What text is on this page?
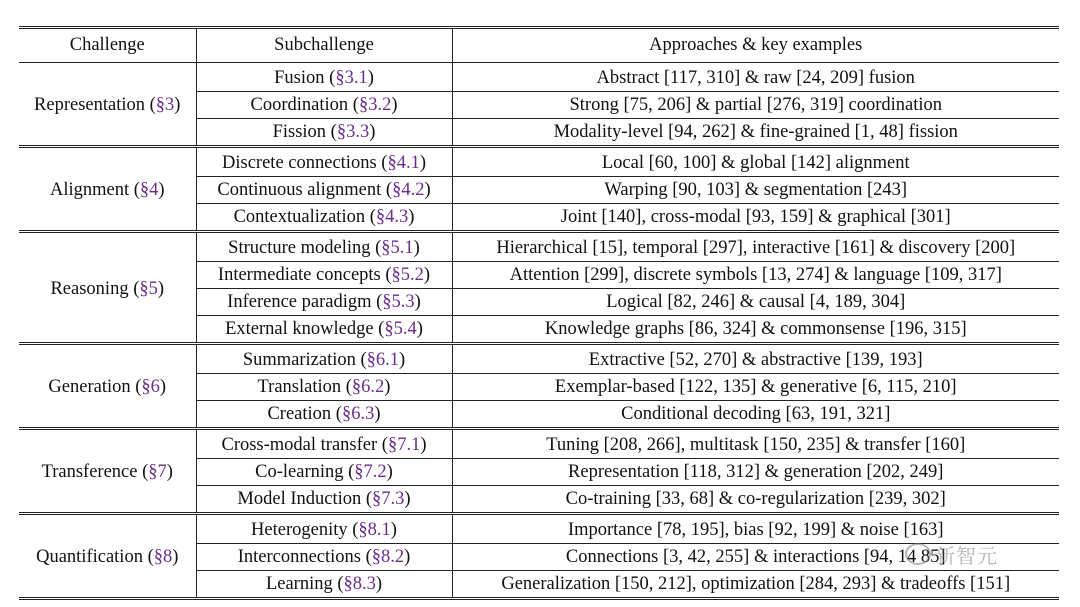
Challenge	Subchallenge	Approaches & key examples
Representation (§3)	Fusion (§3.1)	Abstract [117, 310] & raw [24, 209] fusion
	Coordination (§3.2)	Strong [75, 206] & partial [276, 319] coordination
	Fission (§3.3)	Modality-level [94, 262] & fine-grained [1, 48] fission
Alignment (§4)	Discrete connections (§4.1)	Local [60, 100] & global [142] alignment
	Continuous alignment (§4.2)	Warping [90, 103] & segmentation [243]
	Contextualization (§4.3)	Joint [140], cross-modal [93, 159] & graphical [301]
Reasoning (§5)	Structure modeling (§5.1)	Hierarchical [15], temporal [297], interactive [161] & discovery [200]
	Intermediate concepts (§5.2)	Attention [299], discrete symbols [13, 274] & language [109, 317]
	Inference paradigm (§5.3)	Logical [82, 246] & causal [4, 189, 304]
	External knowledge (§5.4)	Knowledge graphs [86, 324] & commonsense [196, 315]
Generation (§6)	Summarization (§6.1)	Extractive [52, 270] & abstractive [139, 193]
	Translation (§6.2)	Exemplar-based [122, 135] & generative [6, 115, 210]
	Creation (§6.3)	Conditional decoding [63, 191, 321]
Transference (§7)	Cross-modal transfer (§7.1)	Tuning [208, 266], multitask [150, 235] & transfer [160]
	Co-learning (§7.2)	Representation [118, 312] & generation [202, 249]
	Model Induction (§7.3)	Co-training [33, 68] & co-regularization [239, 302]
Quantification (§8)	Heterogenity (§8.1)	Importance [78, 195], bias [92, 199] & noise [163]
	Interconnections (§8.2)	Connections [3, 42, 255] & interactions [94, 14 85]
	Learning (§8.3)	Generalization [150, 212], optimization [284, 293] & tradeoffs [151]
新智元
